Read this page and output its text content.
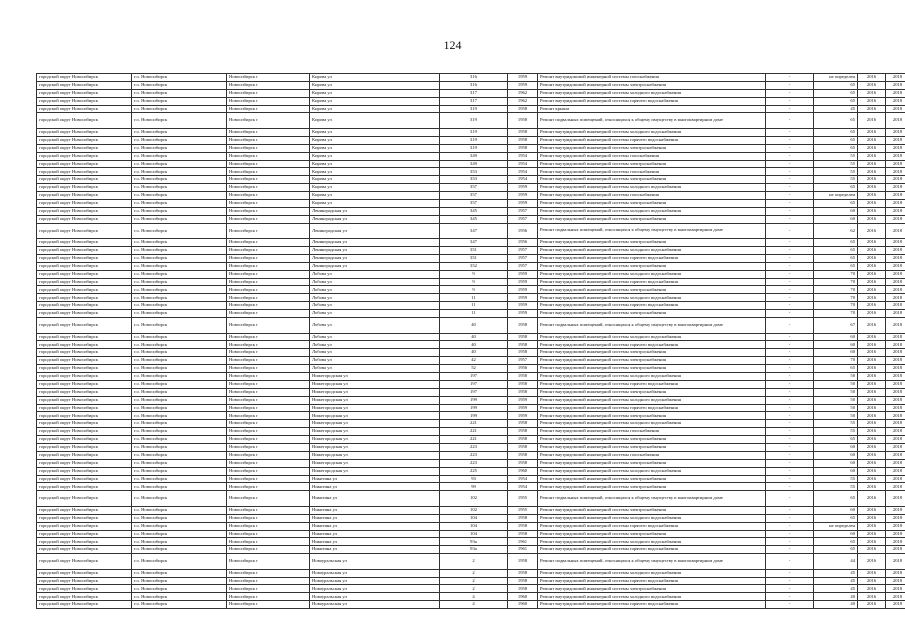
124
городской округ Новосибирск	г.о. Новосибирск	Новосибирск г	Кирова ул	316	1959	Ремонт внутридомовой инженерной системы газоснабжения	-	не определен	2016	2018
городской округ Новосибирск	г.о. Новосибирск	Новосибирск г	Кирова ул	316	1959	Ремонт внутридомовой инженерной системы электроснабжения	-	65	2016	2018
городской округ Новосибирск	г.о. Новосибирск	Новосибирск г	Кирова ул	317	1962	Ремонт внутридомовой инженерной системы холодного водоснабжения	-	65	2016	2018
городской округ Новосибирск	г.о. Новосибирск	Новосибирск г	Кирова ул	317	1962	Ремонт внутридомовой инженерной системы горячего водоснабжения	-	65	2016	2018
городской округ Новосибирск	г.о. Новосибирск	Новосибирск г	Кирова ул	319	1958	Ремонт крыши	-	45	2016	2018
городской округ Новосибирск	г.о. Новосибирск	Новосибирск г	Кирова ул	319	1958	Ремонт подвальных помещений, относящихся к общему имуществу в многоквартирном доме	-	65	2016	2018
городской округ Новосибирск	г.о. Новосибирск	Новосибирск г	Кирова ул	319	1958	Ремонт внутридомовой инженерной системы холодного водоснабжения	-	65	2016	2018
городской округ Новосибирск	г.о. Новосибирск	Новосибирск г	Кирова ул	319	1958	Ремонт внутридомовой инженерной системы горячего водоснабжения	-	65	2016	2018
городской округ Новосибирск	г.о. Новосибирск	Новосибирск г	Кирова ул	319	1958	Ремонт внутридомовой инженерной системы электроснабжения	-	65	2016	2018
городской округ Новосибирск	г.о. Новосибирск	Новосибирск г	Кирова ул	349	1954	Ремонт внутридомовой инженерной системы газоснабжения	-	55	2016	2018
городской округ Новосибирск	г.о. Новосибирск	Новосибирск г	Кирова ул	349	1954	Ремонт внутридомовой инженерной системы электроснабжения	-	55	2016	2018
городской округ Новосибирск	г.о. Новосибирск	Новосибирск г	Кирова ул	353	1954	Ремонт внутридомовой инженерной системы газоснабжения	-	55	2016	2018
городской округ Новосибирск	г.о. Новосибирск	Новосибирск г	Кирова ул	353	1954	Ремонт внутридомовой инженерной системы электроснабжения	-	55	2016	2018
городской округ Новосибирск	г.о. Новосибирск	Новосибирск г	Кирова ул	357	1959	Ремонт внутридомовой инженерной системы холодного водоснабжения	-	65	2016	2018
городской округ Новосибирск	г.о. Новосибирск	Новосибирск г	Кирова ул	357	1959	Ремонт внутридомовой инженерной системы газоснабжения	-	не определен	2016	2018
городской округ Новосибирск	г.о. Новосибирск	Новосибирск г	Кирова ул	357	1959	Ремонт внутридомовой инженерной системы электроснабжения	-	65	2016	2018
городской округ Новосибирск	г.о. Новосибирск	Новосибирск г	Ленинградская ул	345	1957	Ремонт внутридомовой инженерной системы холодного водоснабжения	-	60	2016	2018
городской округ Новосибирск	г.о. Новосибирск	Новосибирск г	Ленинградская ул	345	1957	Ремонт внутридомовой инженерной системы электроснабжения	-	60	2016	2018
городской округ Новосибирск	г.о. Новосибирск	Новосибирск г	Ленинградская ул	347	1956	Ремонт подвальных помещений, относящихся к общему имуществу в многоквартирном доме	-	62	2016	2018
городской округ Новосибирск	г.о. Новосибирск	Новосибирск г	Ленинградская ул	347	1956	Ремонт внутридомовой инженерной системы электроснабжения	-	65	2016	2018
городской округ Новосибирск	г.о. Новосибирск	Новосибирск г	Ленинградская ул	351	1957	Ремонт внутридомовой инженерной системы холодного водоснабжения	-	65	2016	2018
городской округ Новосибирск	г.о. Новосибирск	Новосибирск г	Ленинградская ул	351	1957	Ремонт внутридомовой инженерной системы горячего водоснабжения	-	65	2016	2018
городской округ Новосибирск	г.о. Новосибирск	Новосибирск г	Ленинградская ул	352	1957	Ремонт внутридомовой инженерной системы электроснабжения	-	65	2016	2018
городской округ Новосибирск	г.о. Новосибирск	Новосибирск г	Лобова ул	9	1959	Ремонт внутридомовой инженерной системы холодного водоснабжения	-	70	2016	2018
городской округ Новосибирск	г.о. Новосибирск	Новосибирск г	Лобова ул	9	1959	Ремонт внутридомовой инженерной системы горячего водоснабжения	-	70	2016	2018
городской округ Новосибирск	г.о. Новосибирск	Новосибирск г	Лобова ул	9	1959	Ремонт внутридомовой инженерной системы электроснабжения	-	70	2016	2018
городской округ Новосибирск	г.о. Новосибирск	Новосибирск г	Лобова ул	11	1959	Ремонт внутридомовой инженерной системы холодного водоснабжения	-	70	2016	2018
городской округ Новосибирск	г.о. Новосибирск	Новосибирск г	Лобова ул	11	1959	Ремонт внутридомовой инженерной системы горячего водоснабжения	-	70	2016	2018
городской округ Новосибирск	г.о. Новосибирск	Новосибирск г	Лобова ул	11	1959	Ремонт внутридомовой инженерной системы электроснабжения	-	70	2016	2018
городской округ Новосибирск	г.о. Новосибирск	Новосибирск г	Лобова ул	40	1958	Ремонт подвальных помещений, относящихся к общему имуществу в многоквартирном доме	-	67	2016	2018
городской округ Новосибирск	г.о. Новосибирск	Новосибирск г	Лобова ул	40	1958	Ремонт внутридомовой инженерной системы холодного водоснабжения	-	60	2016	2018
городской округ Новосибирск	г.о. Новосибирск	Новосибирск г	Лобова ул	40	1958	Ремонт внутридомовой инженерной системы горячего водоснабжения	-	60	2016	2018
городской округ Новосибирск	г.о. Новосибирск	Новосибирск г	Лобова ул	40	1958	Ремонт внутридомовой инженерной системы электроснабжения	-	60	2016	2018
городской округ Новосибирск	г.о. Новосибирск	Новосибирск г	Лобова ул	42	1957	Ремонт внутридомовой инженерной системы электроснабжения	-	70	2016	2018
городской округ Новосибирск	г.о. Новосибирск	Новосибирск г	Лобова ул	52	1956	Ремонт внутридомовой инженерной системы электроснабжения	-	65	2016	2018
городской округ Новосибирск	г.о. Новосибирск	Новосибирск г	Нижегородская ул	197	1958	Ремонт внутридомовой инженерной системы холодного водоснабжения	-	50	2016	2018
городской округ Новосибирск	г.о. Новосибирск	Новосибирск г	Нижегородская ул	197	1958	Ремонт внутридомовой инженерной системы горячего водоснабжения	-	50	2016	2018
городской округ Новосибирск	г.о. Новосибирск	Новосибирск г	Нижегородская ул	197	1958	Ремонт внутридомовой инженерной системы электроснабжения	-	50	2016	2018
городской округ Новосибирск	г.о. Новосибирск	Новосибирск г	Нижегородская ул	199	1959	Ремонт внутридомовой инженерной системы холодного водоснабжения	-	50	2016	2018
городской округ Новосибирск	г.о. Новосибирск	Новосибирск г	Нижегородская ул	199	1959	Ремонт внутридомовой инженерной системы горячего водоснабжения	-	50	2016	2018
городской округ Новосибирск	г.о. Новосибирск	Новосибирск г	Нижегородская ул	199	1959	Ремонт внутридомовой инженерной системы электроснабжения	-	50	2016	2018
городской округ Новосибирск	г.о. Новосибирск	Новосибирск г	Нижегородская ул	221	1958	Ремонт внутридомовой инженерной системы холодного водоснабжения	-	55	2016	2018
городской округ Новосибирск	г.о. Новосибирск	Новосибирск г	Нижегородская ул	221	1958	Ремонт внутридомовой инженерной системы газоснабжения	-	55	2016	2018
городской округ Новосибирск	г.о. Новосибирск	Новосибирск г	Нижегородская ул	221	1958	Ремонт внутридомовой инженерной системы электроснабжения	-	65	2016	2018
городской округ Новосибирск	г.о. Новосибирск	Новосибирск г	Нижегородская ул	223	1958	Ремонт внутридомовой инженерной системы электроснабжения	-	60	2016	2018
городской округ Новосибирск	г.о. Новосибирск	Новосибирск г	Нижегородская ул	223	1958	Ремонт внутридомовой инженерной системы газоснабжения	-	60	2016	2018
городской округ Новосибирск	г.о. Новосибирск	Новосибирск г	Нижегородская ул	223	1958	Ремонт внутридомовой инженерной системы электроснабжения	-	60	2016	2018
городской округ Новосибирск	г.о. Новосибирск	Новосибирск г	Нижегородская ул	225	1960	Ремонт внутридомовой инженерной системы холодного водоснабжения	-	60	2016	2018
городской округ Новосибирск	г.о. Новосибирск	Новосибирск г	Никитина ул	93	1954	Ремонт внутридомовой инженерной системы электроснабжения	-	55	2016	2018
городской округ Новосибирск	г.о. Новосибирск	Новосибирск г	Никитина ул	99	1954	Ремонт внутридомовой инженерной системы электроснабжения	-	55	2016	2018
городской округ Новосибирск	г.о. Новосибирск	Новосибирск г	Никитина ул	102	1955	Ремонт подвальных помещений, относящихся к общему имуществу в многоквартирном доме	-	65	2016	2018
городской округ Новосибирск	г.о. Новосибирск	Новосибирск г	Никитина ул	102	1955	Ремонт внутридомовой инженерной системы электроснабжения	-	60	2016	2018
городской округ Новосибирск	г.о. Новосибирск	Новосибирск г	Никитина ул	104	1958	Ремонт внутридомовой инженерной системы холодного водоснабжения	-	65	2016	2018
городской округ Новосибирск	г.о. Новосибирск	Новосибирск г	Никитина ул	104	1958	Ремонт внутридомовой инженерной системы горячего водоснабжения	-	не определен	2016	2018
городской округ Новосибирск	г.о. Новосибирск	Новосибирск г	Никитина ул	104	1958	Ремонт внутридомовой инженерной системы электроснабжения	-	60	2016	2018
городской округ Новосибирск	г.о. Новосибирск	Новосибирск г	Никитина ул	93а	1961	Ремонт внутридомовой инженерной системы холодного водоснабжения	-	65	2016	2018
городской округ Новосибирск	г.о. Новосибирск	Новосибирск г	Никитина ул	93а	1961	Ремонт внутридомовой инженерной системы горячего водоснабжения	-	65	2016	2018
городской округ Новосибирск	г.о. Новосибирск	Новосибирск г	Новоуральская ул	2	1958	Ремонт подвальных помещений, относящихся к общему имуществу в многоквартирном доме	-	44	2016	2018
городской округ Новосибирск	г.о. Новосибирск	Новосибирск г	Новоуральская ул	2	1958	Ремонт внутридомовой инженерной системы холодного водоснабжения	-	45	2016	2018
городской округ Новосибирск	г.о. Новосибирск	Новосибирск г	Новоуральская ул	2	1958	Ремонт внутридомовой инженерной системы горячего водоснабжения	-	45	2016	2018
городской округ Новосибирск	г.о. Новосибирск	Новосибирск г	Новоуральская ул	2	1958	Ремонт внутридомовой инженерной системы электроснабжения	-	45	2016	2018
городской округ Новосибирск	г.о. Новосибирск	Новосибирск г	Новоуральская ул	4	1960	Ремонт внутридомовой инженерной системы холодного водоснабжения	-	40	2016	2018
городской округ Новосибирск	г.о. Новосибирск	Новосибирск г	Новоуральская ул	4	1960	Ремонт внутридомовой инженерной системы горячего водоснабжения	-	40	2016	2018
